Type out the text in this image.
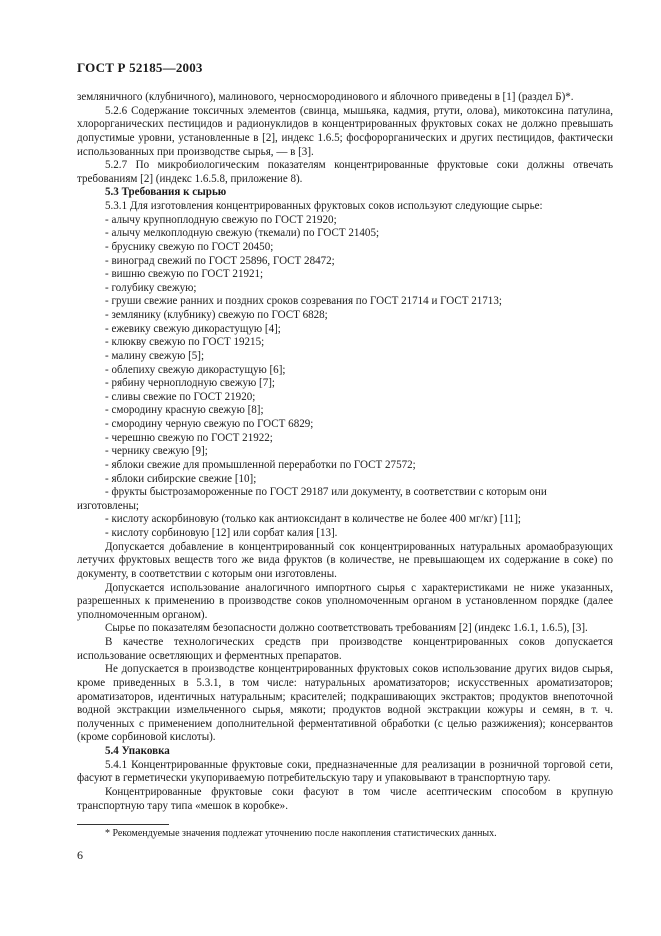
ГОСТ Р 52185—2003

земляничного (клубничного), малинового, черносмородинового и яблочного приведены в [1] (раздел Б)*.

5.2.6 Содержание токсичных элементов (свинца, мышьяка, кадмия, ртути, олова), микотоксина патулина, хлорорганических пестицидов и радионуклидов в концентрированных фруктовых соках не должно превышать допустимые уровни, установленные в [2], индекс 1.6.5; фосфорорганических и других пестицидов, фактически использованных при производстве сырья, — в [3].

5.2.7 По микробиологическим показателям концентрированные фруктовые соки должны отвечать требованиям [2] (индекс 1.6.5.8, приложение 8).

5.3 Требования к сырью

5.3.1 Для изготовления концентрированных фруктовых соков используют следующие сырье:

- алычу крупноплодную свежую по ГОСТ 21920;

- алычу мелкоплодную свежую (ткемали) по ГОСТ 21405;

- бруснику свежую по ГОСТ 20450;

- виноград свежий по ГОСТ 25896, ГОСТ 28472;

- вишню свежую по ГОСТ 21921;

- голубику свежую;

- груши свежие ранних и поздних сроков созревания по ГОСТ 21714 и ГОСТ 21713;

- землянику (клубнику) свежую по ГОСТ 6828;

- ежевику свежую дикорастущую [4];

- клюкву свежую по ГОСТ 19215;

- малину свежую [5];

- облепиху свежую дикорастущую [6];

- рябину черноплодную свежую [7];

- сливы свежие по ГОСТ 21920;

- смородину красную свежую [8];

- смородину черную свежую по ГОСТ 6829;

- черешню свежую по ГОСТ 21922;

- чернику свежую [9];

- яблоки свежие для промышленной переработки по ГОСТ 27572;

- яблоки сибирские свежие [10];

- фрукты быстрозамороженные по ГОСТ 29187 или документу, в соответствии с которым они

изготовлены;

- кислоту аскорбиновую (только как антиоксидант в количестве не более 400 мг/кг) [11];

- кислоту сорбиновую [12] или сорбат калия [13].

Допускается добавление в концентрированный сок концентрированных натуральных аромаобразующих летучих фруктовых веществ того же вида фруктов (в количестве, не превышающем их содержание в соке) по документу, в соответствии с которым они изготовлены.

Допускается использование аналогичного импортного сырья с характеристиками не ниже указанных, разрешенных к применению в производстве соков уполномоченным органом в установленном порядке (далее уполномоченным органом).

Сырье по показателям безопасности должно соответствовать требованиям [2] (индекс 1.6.1, 1.6.5), [3].

В качестве технологических средств при производстве концентрированных соков допускается использование осветляющих и ферментных препаратов.

Не допускается в производстве концентрированных фруктовых соков использование других видов сырья, кроме приведенных в 5.3.1, в том числе: натуральных ароматизаторов; искусственных ароматизаторов; ароматизаторов, идентичных натуральным; красителей; подкрашивающих экстрактов; продуктов внепоточной водной экстракции измельченного сырья, мякоти; продуктов водной экстракции кожуры и семян, в т. ч. полученных с применением дополнительной ферментативной обработки (с целью разжижения); консервантов (кроме сорбиновой кислоты).

5.4 Упаковка

5.4.1 Концентрированные фруктовые соки, предназначенные для реализации в розничной торговой сети, фасуют в герметически укупориваемую потребительскую тару и упаковывают в транспортную тару.

Концентрированные фруктовые соки фасуют в том числе асептическим способом в крупную транспортную тару типа «мешок в коробке».

* Рекомендуемые значения подлежат уточнению после накопления статистических данных.
6
